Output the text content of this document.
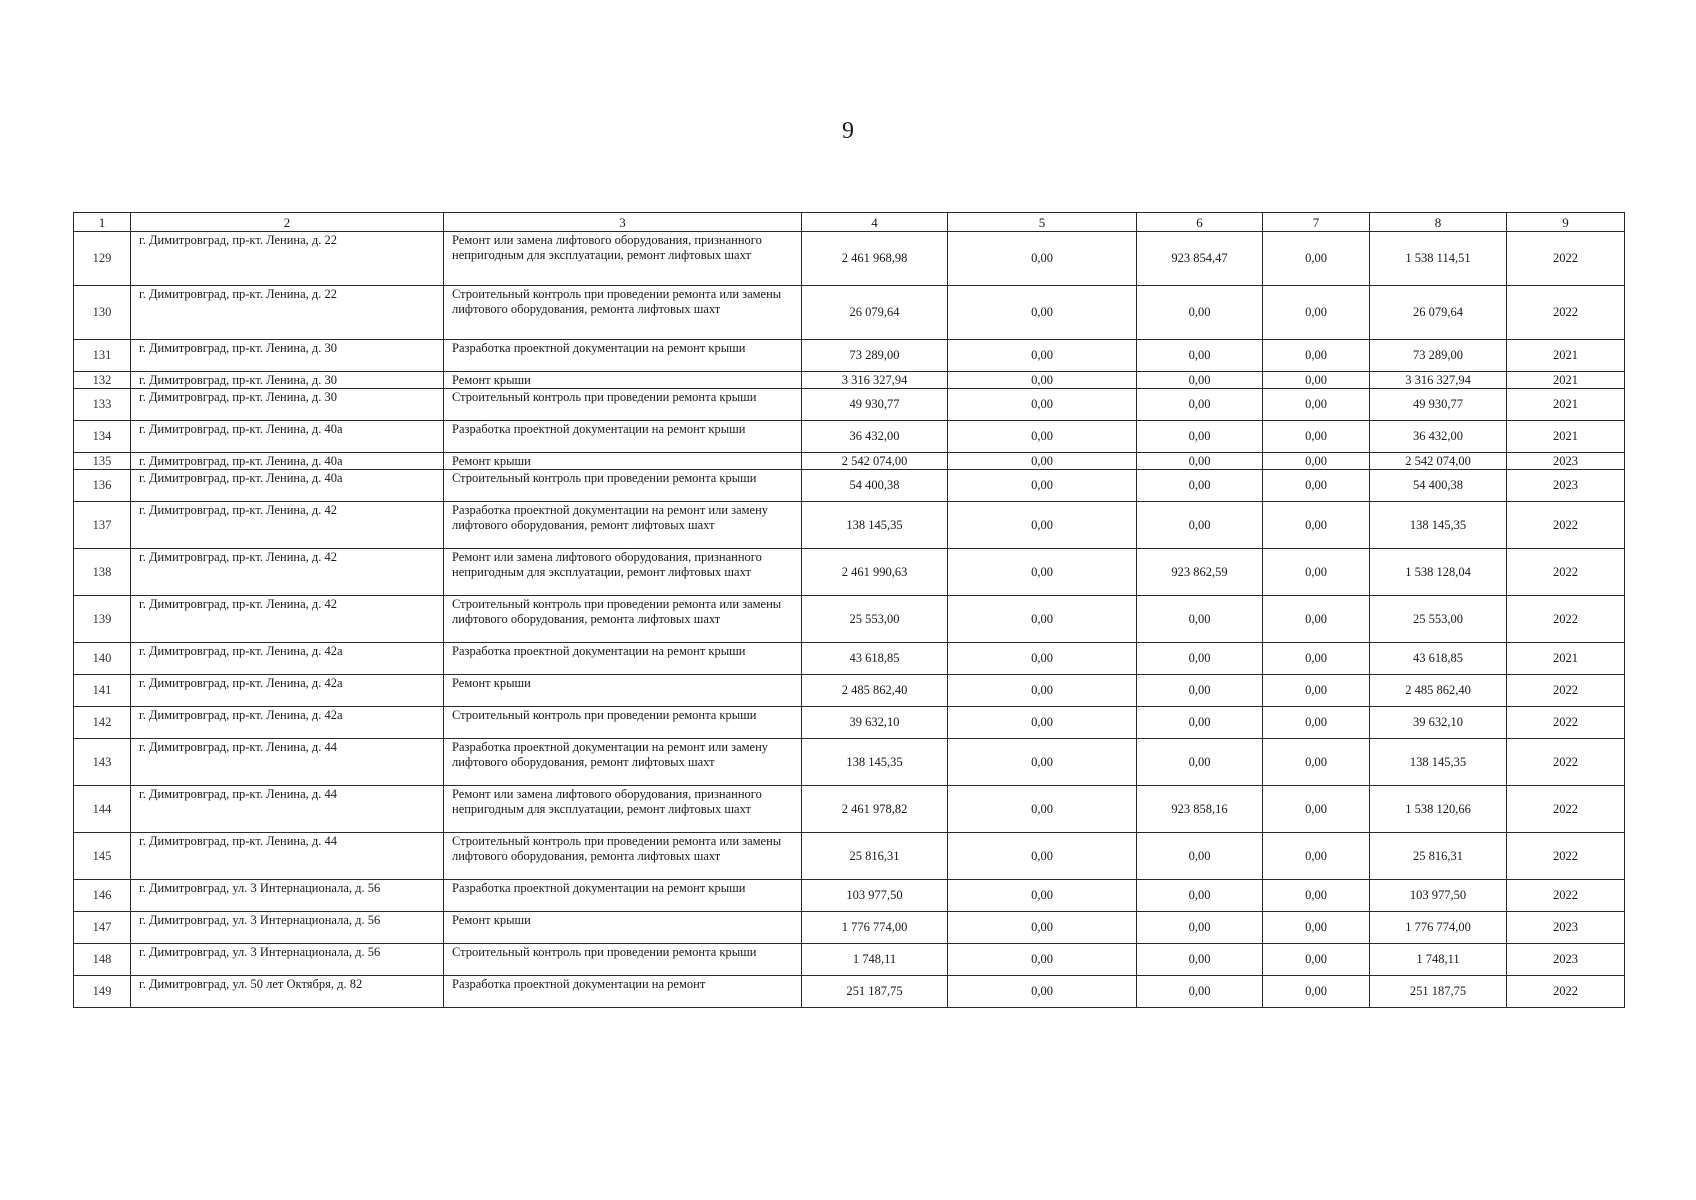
9
1	2	3	4	5	6	7	8	9
129	г. Димитровград, пр-кт. Ленина, д. 22	Ремонт или замена лифтового оборудования, признанного непригодным для эксплуатации, ремонт лифтовых шахт	2 461 968,98	0,00	923 854,47	0,00	1 538 114,51	2022
130	г. Димитровград, пр-кт. Ленина, д. 22	Строительный контроль при проведении ремонта или замены лифтового оборудования, ремонта лифтовых шахт	26 079,64	0,00	0,00	0,00	26 079,64	2022
131	г. Димитровград, пр-кт. Ленина, д. 30	Разработка проектной документации на ремонт крыши	73 289,00	0,00	0,00	0,00	73 289,00	2021
132	г. Димитровград, пр-кт. Ленина, д. 30	Ремонт крыши	3 316 327,94	0,00	0,00	0,00	3 316 327,94	2021
133	г. Димитровград, пр-кт. Ленина, д. 30	Строительный контроль при проведении ремонта крыши	49 930,77	0,00	0,00	0,00	49 930,77	2021
134	г. Димитровград, пр-кт. Ленина, д. 40а	Разработка проектной документации на ремонт крыши	36 432,00	0,00	0,00	0,00	36 432,00	2021
135	г. Димитровград, пр-кт. Ленина, д. 40а	Ремонт крыши	2 542 074,00	0,00	0,00	0,00	2 542 074,00	2023
136	г. Димитровград, пр-кт. Ленина, д. 40а	Строительный контроль при проведении ремонта крыши	54 400,38	0,00	0,00	0,00	54 400,38	2023
137	г. Димитровград, пр-кт. Ленина, д. 42	Разработка проектной документации на ремонт или замену лифтового оборудования, ремонт лифтовых шахт	138 145,35	0,00	0,00	0,00	138 145,35	2022
138	г. Димитровград, пр-кт. Ленина, д. 42	Ремонт или замена лифтового оборудования, признанного непригодным для эксплуатации, ремонт лифтовых шахт	2 461 990,63	0,00	923 862,59	0,00	1 538 128,04	2022
139	г. Димитровград, пр-кт. Ленина, д. 42	Строительный контроль при проведении ремонта или замены лифтового оборудования, ремонта лифтовых шахт	25 553,00	0,00	0,00	0,00	25 553,00	2022
140	г. Димитровград, пр-кт. Ленина, д. 42а	Разработка проектной документации на ремонт крыши	43 618,85	0,00	0,00	0,00	43 618,85	2021
141	г. Димитровград, пр-кт. Ленина, д. 42а	Ремонт крыши	2 485 862,40	0,00	0,00	0,00	2 485 862,40	2022
142	г. Димитровград, пр-кт. Ленина, д. 42а	Строительный контроль при проведении ремонта крыши	39 632,10	0,00	0,00	0,00	39 632,10	2022
143	г. Димитровград, пр-кт. Ленина, д. 44	Разработка проектной документации на ремонт или замену лифтового оборудования, ремонт лифтовых шахт	138 145,35	0,00	0,00	0,00	138 145,35	2022
144	г. Димитровград, пр-кт. Ленина, д. 44	Ремонт или замена лифтового оборудования, признанного непригодным для эксплуатации, ремонт лифтовых шахт	2 461 978,82	0,00	923 858,16	0,00	1 538 120,66	2022
145	г. Димитровград, пр-кт. Ленина, д. 44	Строительный контроль при проведении ремонта или замены лифтового оборудования, ремонта лифтовых шахт	25 816,31	0,00	0,00	0,00	25 816,31	2022
146	г. Димитровград, ул. 3 Интернационала, д. 56	Разработка проектной документации на ремонт крыши	103 977,50	0,00	0,00	0,00	103 977,50	2022
147	г. Димитровград, ул. 3 Интернационала, д. 56	Ремонт крыши	1 776 774,00	0,00	0,00	0,00	1 776 774,00	2023
148	г. Димитровград, ул. 3 Интернационала, д. 56	Строительный контроль при проведении ремонта крыши	1 748,11	0,00	0,00	0,00	1 748,11	2023
149	г. Димитровград, ул. 50 лет Октября, д. 82	Разработка проектной документации на ремонт	251 187,75	0,00	0,00	0,00	251 187,75	2022
